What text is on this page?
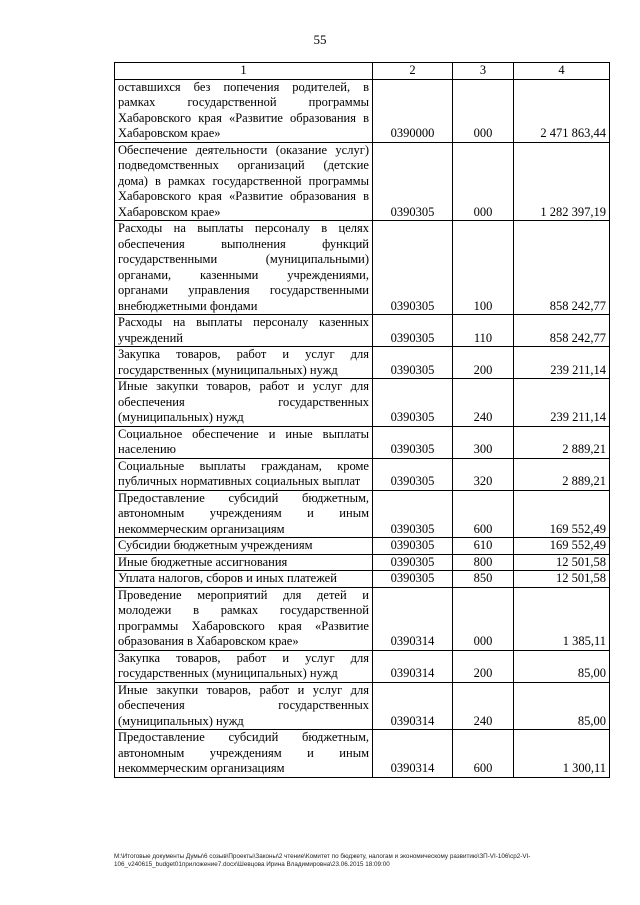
55
1	2	3	4
оставшихся без попечения родителей, в рамках государственной программы Хабаровского края «Развитие образования в Хабаровском крае»	0390000	000	2 471 863,44
Обеспечение деятельности (оказание услуг) подведомственных организаций (детские дома) в рамках государственной программы Хабаровского края «Развитие образования в Хабаровском крае»	0390305	000	1 282 397,19
Расходы на выплаты персоналу в целях обеспечения выполнения функций государственными (муниципальными) органами, казенными учреждениями, органами управления государственными внебюджетными фондами	0390305	100	858 242,77
Расходы на выплаты персоналу казенных учреждений	0390305	110	858 242,77
Закупка товаров, работ и услуг для государственных (муниципальных) нужд	0390305	200	239 211,14
Иные закупки товаров, работ и услуг для обеспечения государственных (муниципальных) нужд	0390305	240	239 211,14
Социальное обеспечение и иные выплаты населению	0390305	300	2 889,21
Социальные выплаты гражданам, кроме публичных нормативных социальных выплат	0390305	320	2 889,21
Предоставление субсидий бюджетным, автономным учреждениям и иным некоммерческим организациям	0390305	600	169 552,49
Субсидии бюджетным учреждениям	0390305	610	169 552,49
Иные бюджетные ассигнования	0390305	800	12 501,58
Уплата налогов, сборов и иных платежей	0390305	850	12 501,58
Проведение мероприятий для детей и молодежи в рамках государственной программы Хабаровского края «Развитие образования в Хабаровском крае»	0390314	000	1 385,11
Закупка товаров, работ и услуг для государственных (муниципальных) нужд	0390314	200	85,00
Иные закупки товаров, работ и услуг для обеспечения государственных (муниципальных) нужд	0390314	240	85,00
Предоставление субсидий бюджетным, автономным учреждениям и иным некоммерческим организациям	0390314	600	1 300,11
M:\Итоговые документы Думы\6 созыв\Проекты\Законы\2 чтение\Комитет по бюджету, налогам и экономическому развитию\ЗП-VI-106\ср2-VI-
106_v240615_budget01приложение7.docx\Шевцова Ирина Владимировна\23.06.2015 18:09:00
